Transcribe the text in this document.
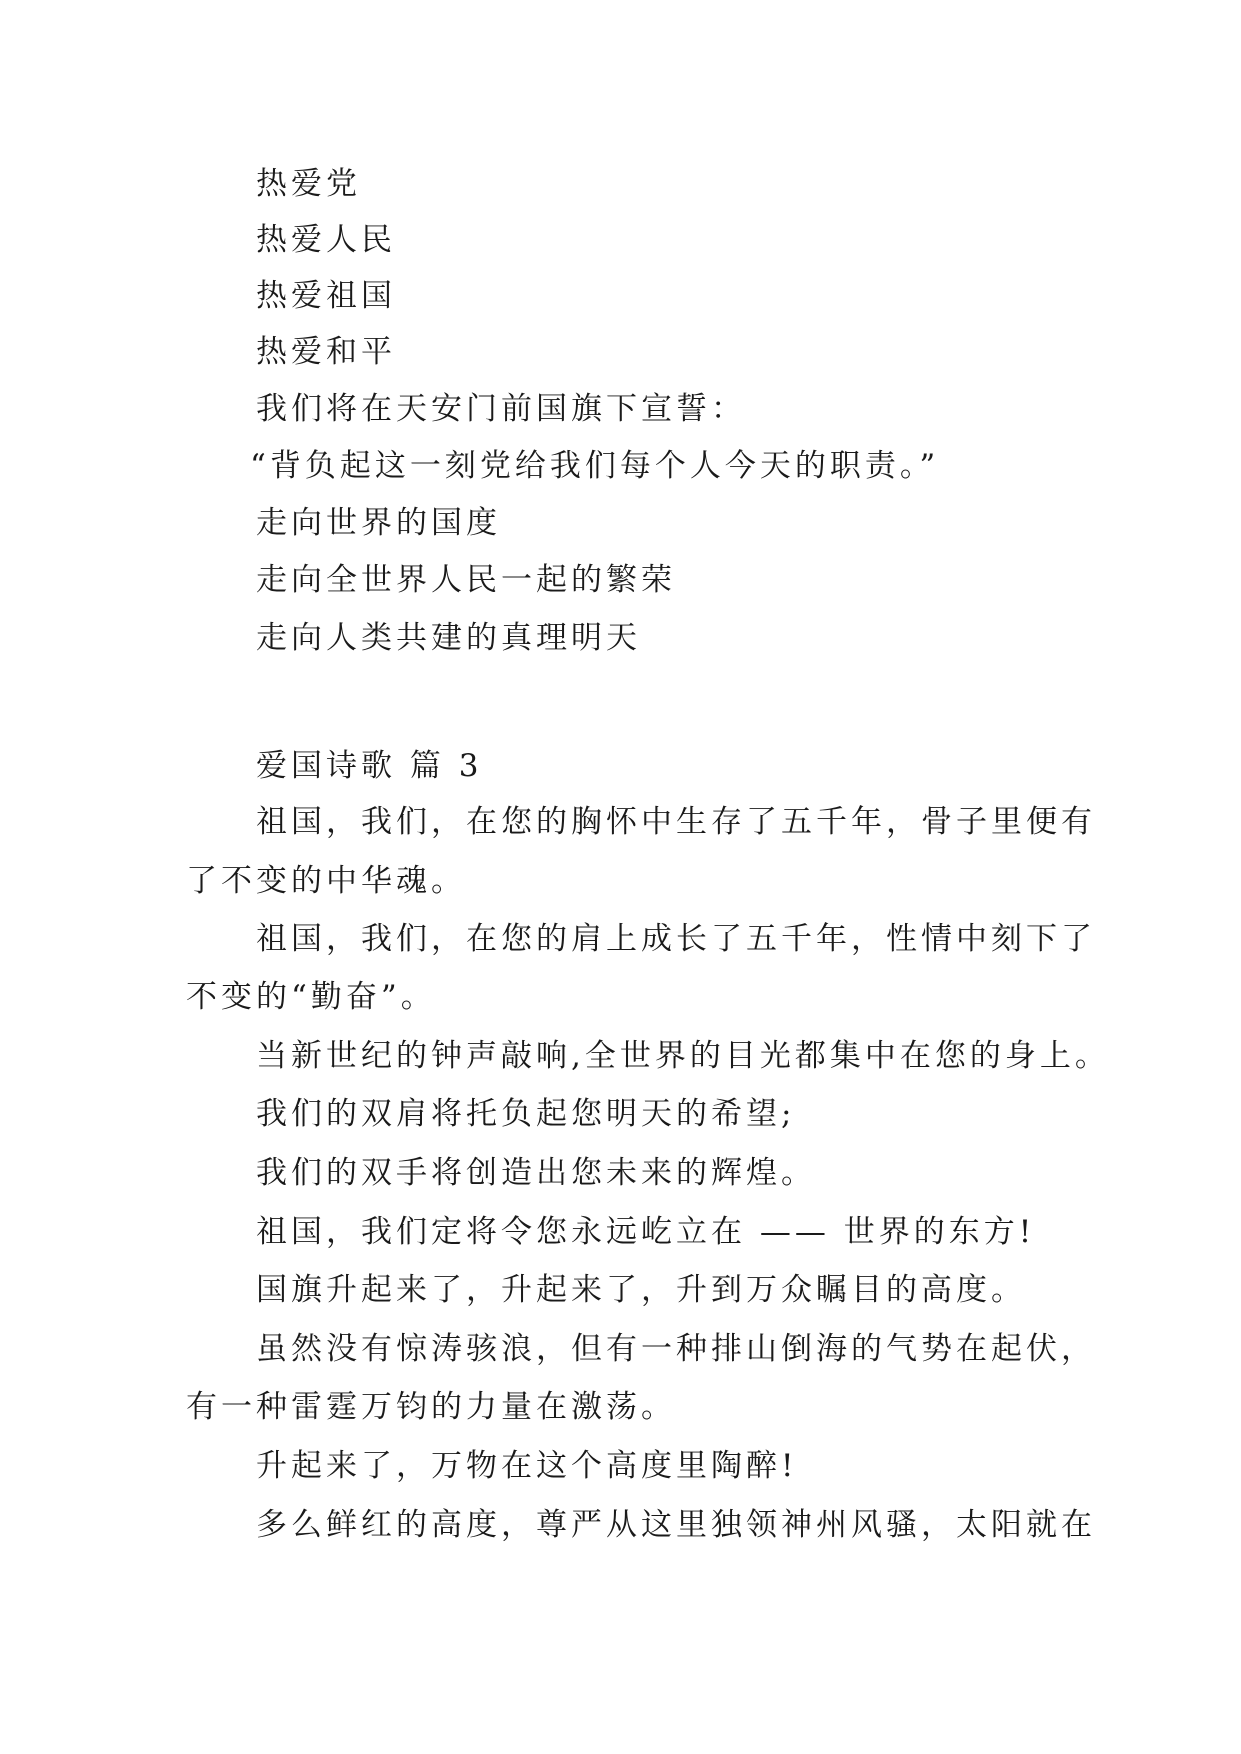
热爱党
热爱人民
热爱祖国
热爱和平
我们将在天安门前国旗下宣誓：
“背负起这一刻党给我们每个人今天的职责。”
走向世界的国度
走向全世界人民一起的繁荣
走向人类共建的真理明天
爱国诗歌 篇 3
祖国，我们，在您的胸怀中生存了五千年，骨子里便有
了不变的中华魂。
祖国，我们，在您的肩上成长了五千年，性情中刻下了
不变的“勤奋”。
当新世纪的钟声敲响,全世界的目光都集中在您的身上。
我们的双肩将托负起您明天的希望;
我们的双手将创造出您未来的辉煌。
祖国，我们定将令您永远屹立在 —— 世界的东方!
国旗升起来了，升起来了，升到万众瞩目的高度。
虽然没有惊涛骇浪，但有一种排山倒海的气势在起伏，
有一种雷霆万钧的力量在激荡。
升起来了，万物在这个高度里陶醉!
多么鲜红的高度，尊严从这里独领神州风骚，太阳就在
